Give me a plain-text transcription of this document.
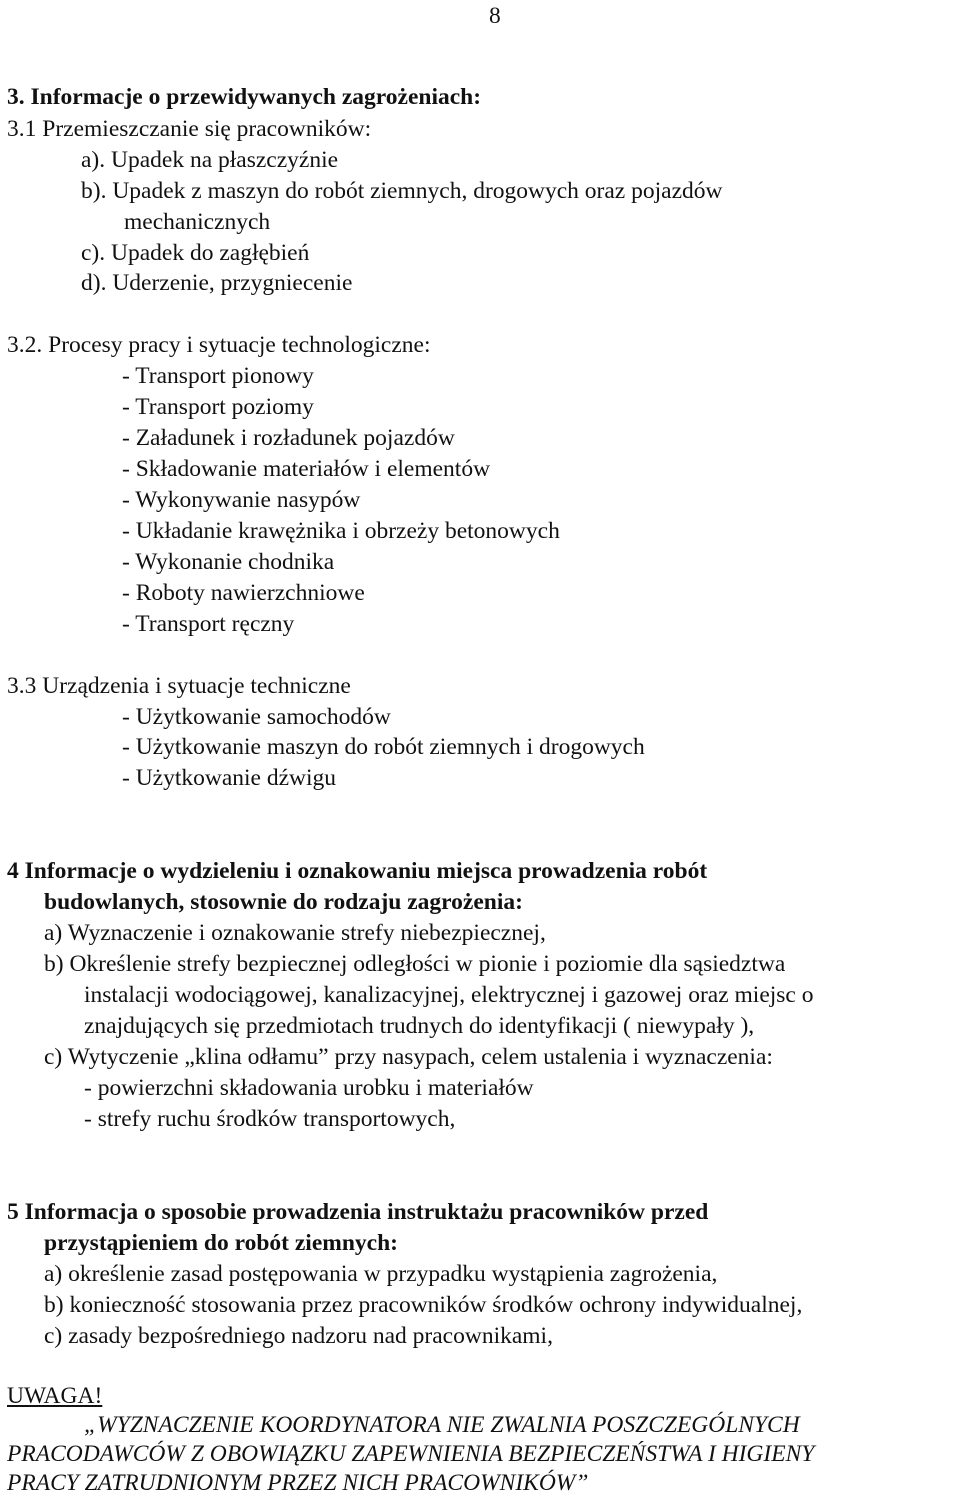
8
3. Informacje o przewidywanych zagrożeniach:
3.1 Przemieszczanie się pracowników:
a). Upadek na płaszczyźnie
b). Upadek z maszyn do robót ziemnych, drogowych oraz pojazdów
mechanicznych
c). Upadek do zagłębień
d). Uderzenie, przygniecenie
3.2. Procesy pracy i sytuacje technologiczne:
- Transport pionowy
- Transport poziomy
- Załadunek i rozładunek pojazdów
- Składowanie materiałów i elementów
- Wykonywanie nasypów
- Układanie krawężnika i obrzeży betonowych
- Wykonanie chodnika
- Roboty nawierzchniowe
- Transport ręczny
3.3 Urządzenia i sytuacje techniczne
- Użytkowanie samochodów
- Użytkowanie maszyn do robót ziemnych i drogowych
- Użytkowanie dźwigu
4 Informacje o wydzieleniu i oznakowaniu miejsca prowadzenia robót
budowlanych, stosownie do rodzaju zagrożenia:
a) Wyznaczenie i oznakowanie strefy niebezpiecznej,
b) Określenie strefy bezpiecznej odległości w pionie i poziomie dla sąsiedztwa
instalacji wodociągowej, kanalizacyjnej, elektrycznej i gazowej oraz miejsc o
znajdujących się przedmiotach trudnych do identyfikacji ( niewypały ),
c) Wytyczenie „klina odłamu” przy nasypach, celem ustalenia i wyznaczenia:
- powierzchni składowania urobku i materiałów
- strefy ruchu środków transportowych,
5 Informacja o sposobie prowadzenia instruktażu pracowników przed
przystąpieniem do robót ziemnych:
a) określenie zasad postępowania w przypadku wystąpienia zagrożenia,
b) konieczność stosowania przez pracowników środków ochrony indywidualnej,
c) zasady bezpośredniego nadzoru nad pracownikami,
UWAGA!
„WYZNACZENIE KOORDYNATORA NIE ZWALNIA POSZCZEGÓLNYCH
PRACODAWCÓW Z OBOWIĄZKU ZAPEWNIENIA BEZPIECZEŃSTWA I HIGIENY
PRACY ZATRUDNIONYM PRZEZ NICH PRACOWNIKÓW”
